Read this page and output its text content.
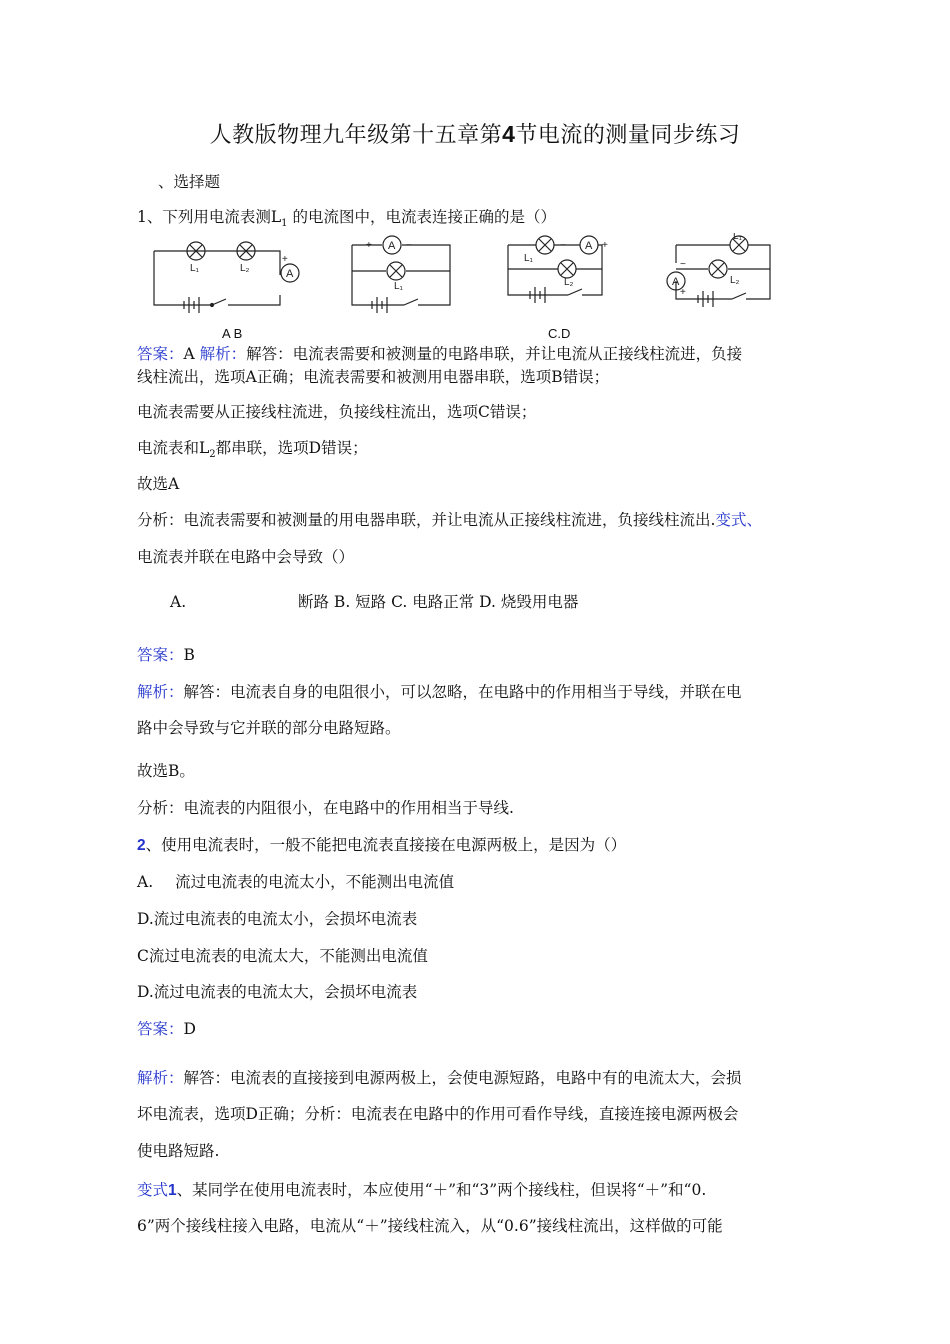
人教版物理九年级第十五章第4节电流的测量同步练习
、选择题
1、下列用电流表测$L_1$ 的电流图中，电流表连接正确的是（）
L₁	L₂	A
+
+ A −
L₁
L₁
− A +
L₂
L₁
L₂
A
+
−
A B	C.D
答案：A 解析：解答：电流表需要和被测量的电路串联，并让电流从正接线柱流进，负接
线柱流出，选项A正确；电流表需要和被测用电器串联，选项B错误；
电流表需要从正接线柱流进，负接线柱流出，选项C错误；
电流表和$L_2$都串联，选项D错误；
故选A
分析：电流表需要和被测量的用电器串联，并让电流从正接线柱流进，负接线柱流出.变式、
电流表并联在电路中会导致（）
A.	断路 B. 短路 C. 电路正常 D. 烧毁用电器
答案：B
解析：解答：电流表自身的电阻很小，可以忽略，在电路中的作用相当于导线，并联在电
路中会导致与它并联的部分电路短路。
故选B。
分析：电流表的内阻很小，在电路中的作用相当于导线.
2、使用电流表时，一般不能把电流表直接接在电源两极上，是因为（）
A. 流过电流表的电流太小，不能测出电流值
D.流过电流表的电流太小，会损坏电流表
C流过电流表的电流太大，不能测出电流值
D.流过电流表的电流太大，会损坏电流表
答案：D
解析：解答：电流表的直接接到电源两极上，会使电源短路，电路中有的电流太大，会损
坏电流表，选项D正确；分析：电流表在电路中的作用可看作导线，直接连接电源两极会
使电路短路.
变式1、某同学在使用电流表时，本应使用“＋”和“3”两个接线柱，但误将“＋”和“0.
6”两个接线柱接入电路，电流从“＋”接线柱流入，从“0.6”接线柱流出，这样做的可能
